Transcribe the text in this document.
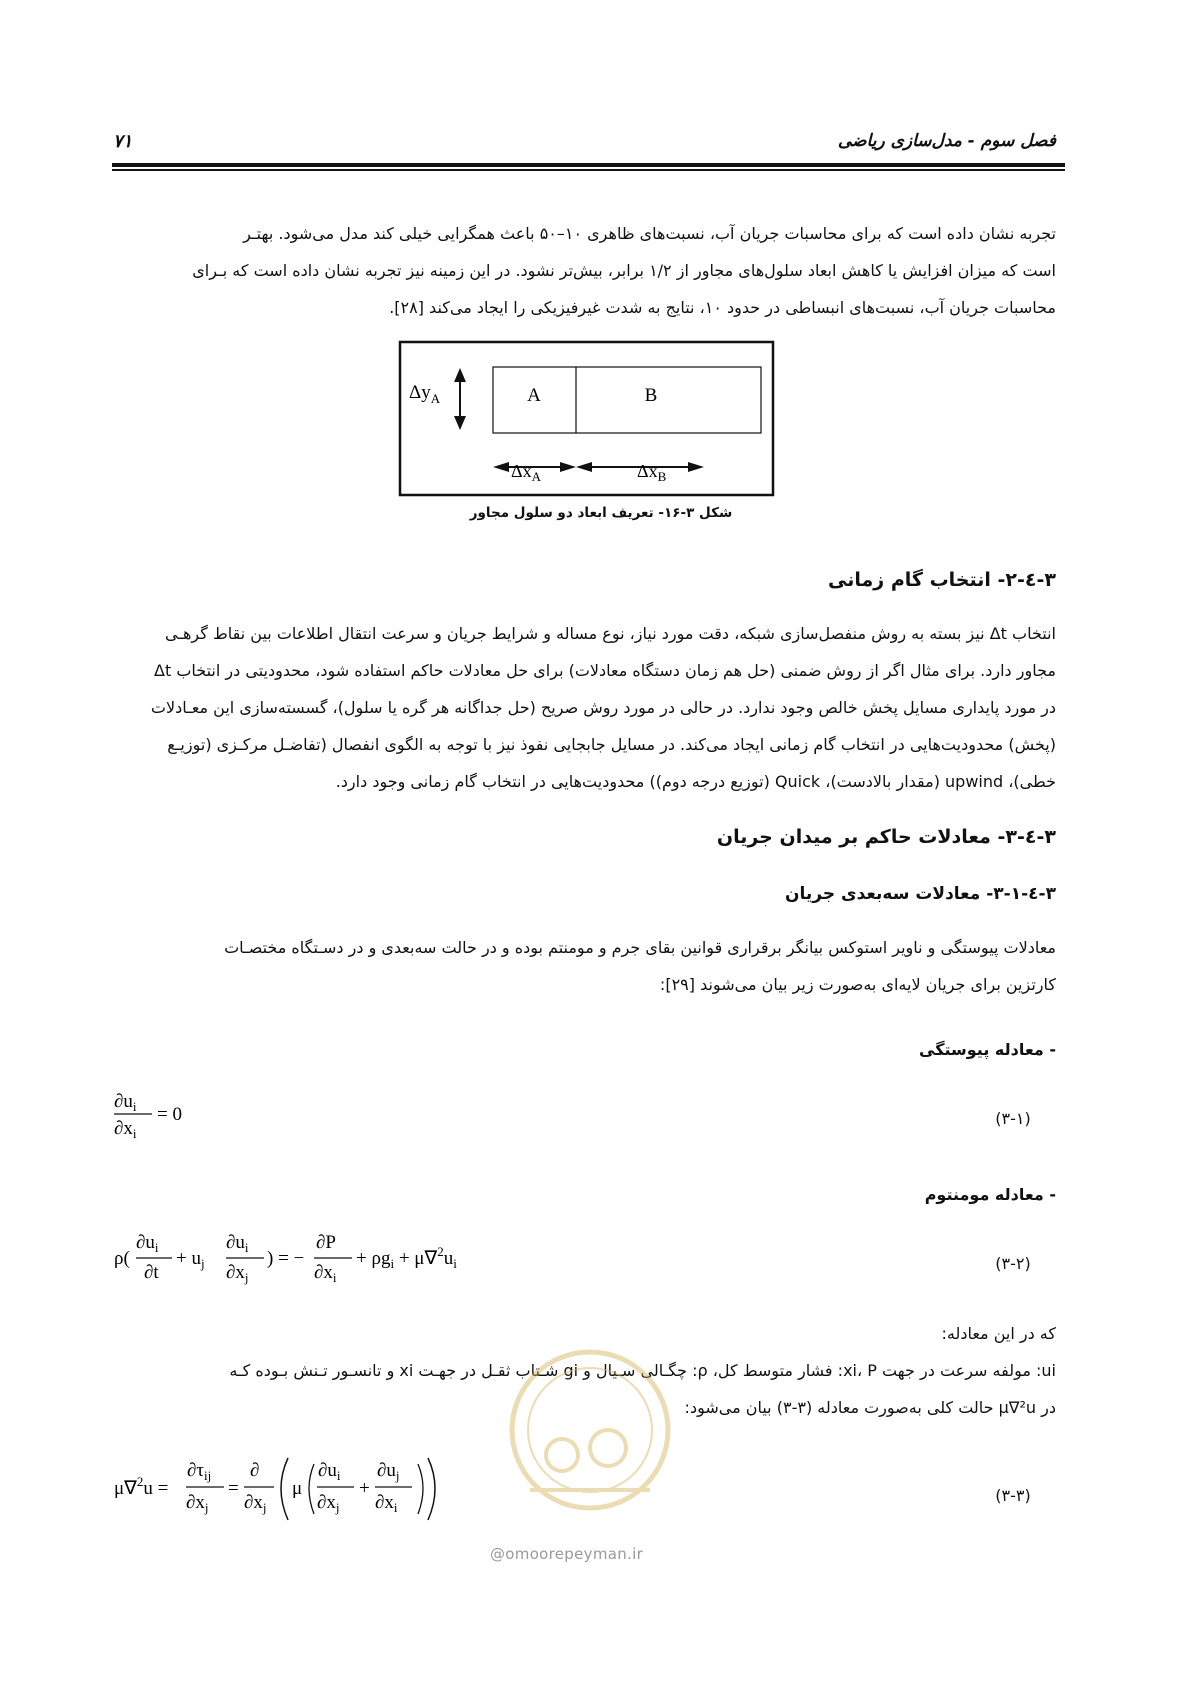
فصل سوم - مدل‌سازی ریاضی
۷۱

تجربه نشان داده است که برای محاسبات جریان آب، نسبت‌های ظاهری ۱۰–۵۰ باعث همگرایی خیلی کند مدل می‌شود. بهتـر

است که میزان افزایش یا کاهش ابعاد سلول‌های مجاور از ۱/۲ برابر، بیش‌تر نشود. در این زمینه نیز تجربه نشان داده است که بـرای

محاسبات جریان آب، نسبت‌های انبساطی در حدود ۱۰، نتایج به شدت غیرفیزیکی را ایجاد می‌کند [۲۸].

A	B
$\Delta y_A$
$\Delta x_A$	$\Delta x_B$
شکل ۳-۱۶- تعریف ابعاد دو سلول مجاور
۳-٤-۲- انتخاب گام زمانی

انتخاب Δt نیز بسته به روش منفصل‌سازی شبکه، دقت مورد نیاز، نوع مساله و شرایط جریان و سرعت انتقال اطلاعات بین نقاط گرهـی

مجاور دارد. برای مثال اگر از روش ضمنی (حل هم زمان دستگاه معادلات) برای حل معادلات حاکم استفاده شود، محدودیتی در انتخاب Δt

در مورد پایداری مسایل پخش خالص وجود ندارد. در حالی در مورد روش صریح (حل جداگانه هر گره یا سلول)، گسسته‌سازی این معـادلات

(پخش) محدودیت‌هایی در انتخاب گام زمانی ایجاد می‌کند. در مسایل جابجایی نفوذ نیز با توجه به الگوی انفصال (تفاضـل مرکـزی (توزیـع

خطی)، upwind (مقدار بالادست)، Quick (توزیع درجه دوم)) محدودیت‌هایی در انتخاب گام زمانی وجود دارد.

۳-٤-۳- معادلات حاکم بر میدان جریان
۳-٤-۳-۱- معادلات سه‌بعدی جریان

معادلات پیوستگی و ناویر استوکس بیانگر برقراری قوانین بقای جرم و مومنتم بوده و در حالت سه‌بعدی و در دسـتگاه مختصـات

کارتزین برای جریان لایه‌ای به‌صورت زیر بیان می‌شوند [۲۹]:

- معادله پیوستگی
$\partial u_i$
$\partial x_i$
= 0	(۳-۱)
- معادله مومنتوم
ρ(
$\partial u_i$
∂t
+ $u_j$
$\partial u_i$
$\partial x_j$
) = −
∂P
$\partial x_i$
+ $\rho g_i + \mu\nabla^2u_i$	(۳-۲)

که در این معادله:

ui: مولفه سرعت در جهت xi، P: فشار متوسط کل، ρ: چگـالی سـیال و gi شـتاب ثقـل در جهـت xi و تانسـور تـنش بـوده کـه

در μ∇²u حالت کلی به‌صورت معادله (۳-۳) بیان می‌شود:

μ∇$^2$u =
$\partial\tau_{ij}$
$\partial x_j$
=
∂
$\partial x_j$
μ
$\partial u_i$
$\partial x_j$
+
$\partial u_j$
$\partial x_i$
(۳-۳)
@omoorepeyman.ir
